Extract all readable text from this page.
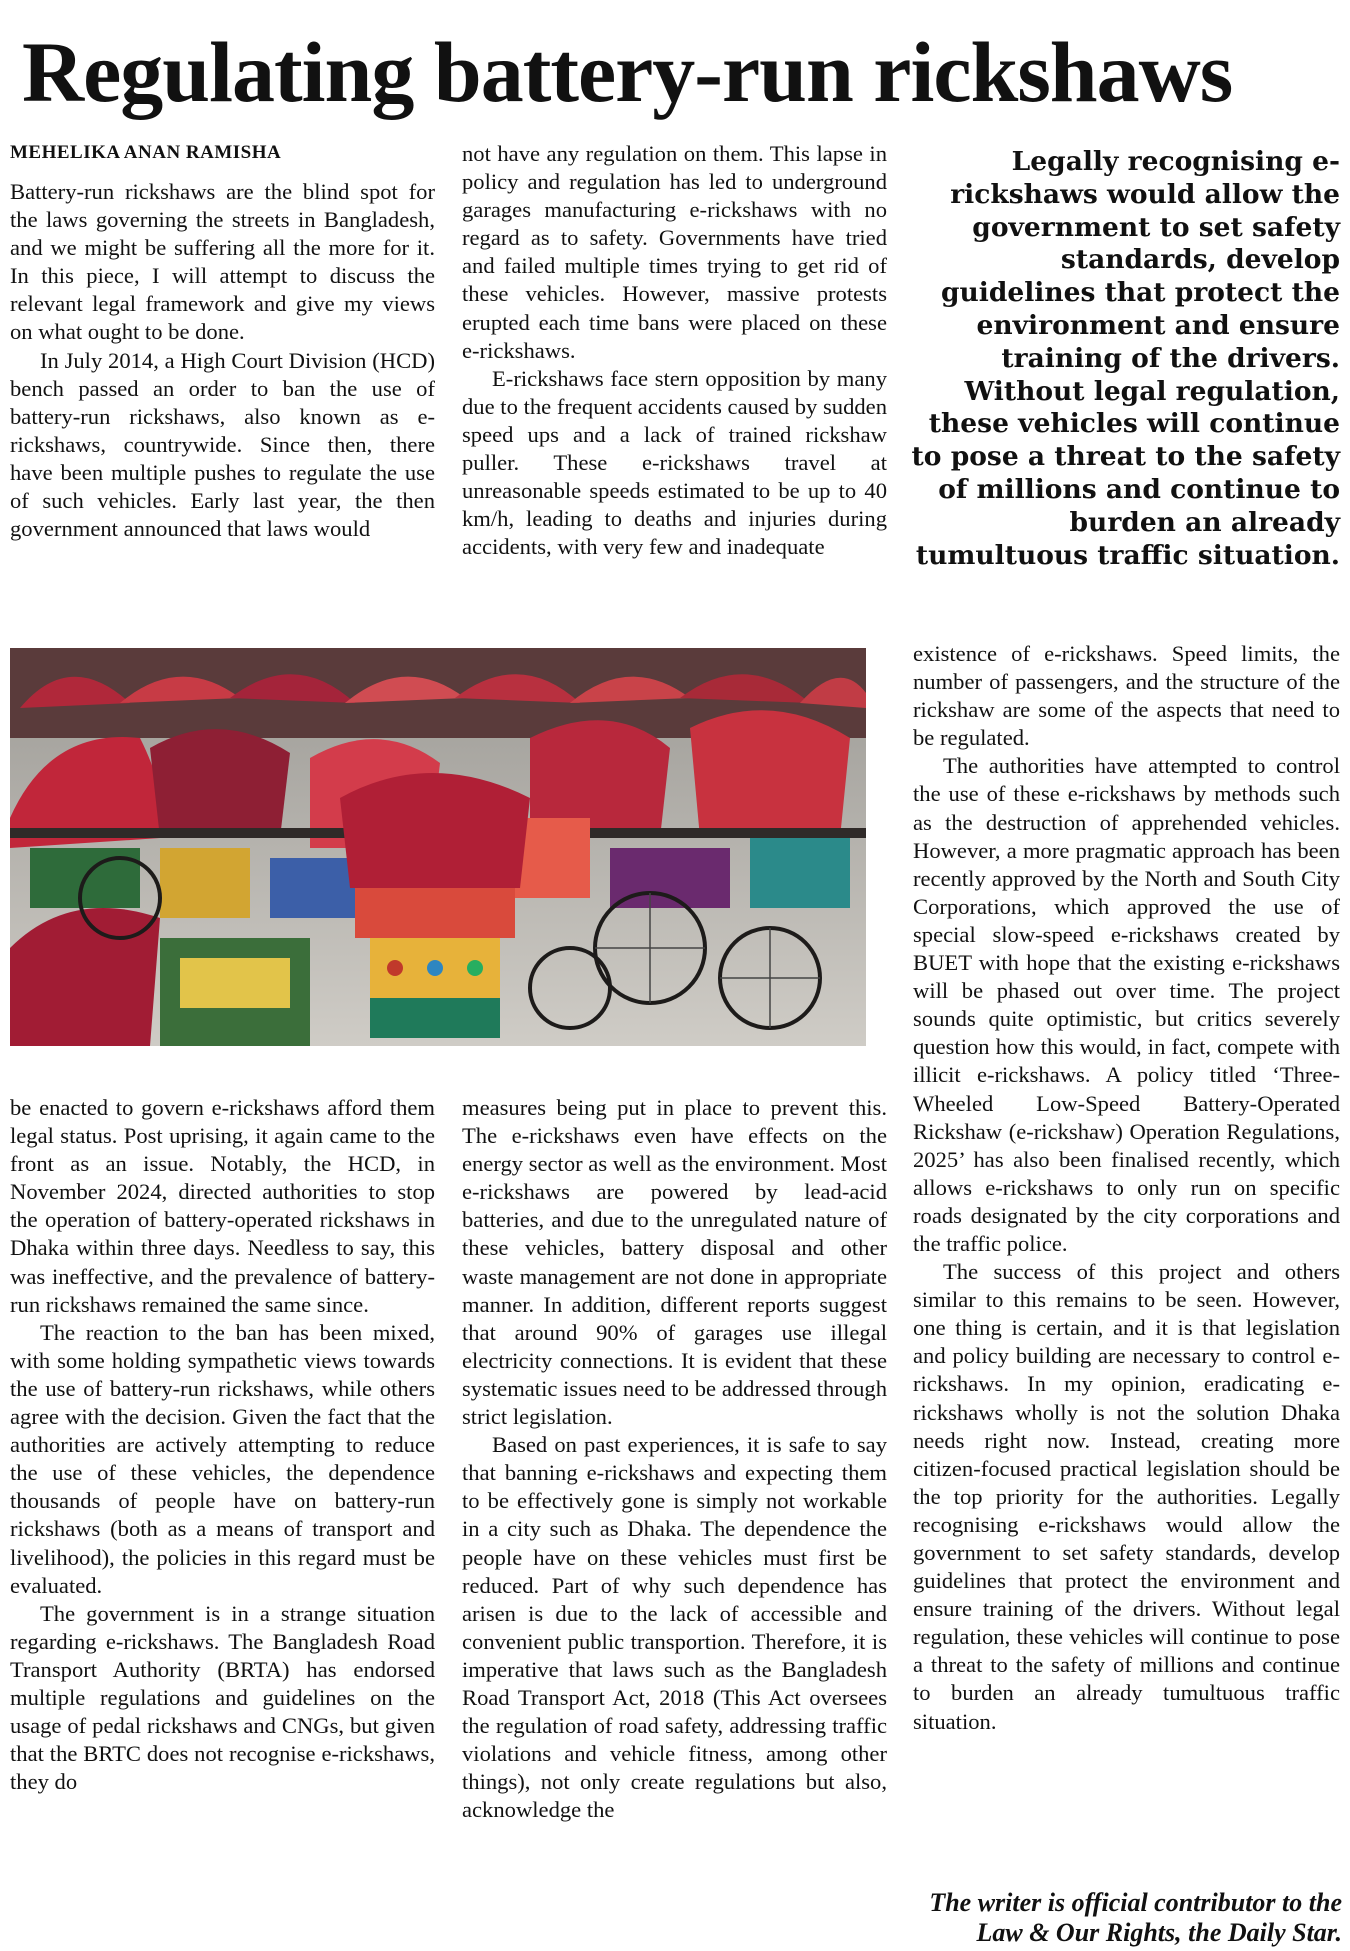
Regulating battery-run rickshaws
MEHELIKA ANAN RAMISHA

Battery-run rickshaws are the blind spot for the laws governing the streets in Bangladesh, and we might be suffering all the more for it. In this piece, I will attempt to discuss the relevant legal framework and give my views on what ought to be done.

In July 2014, a High Court Division (HCD) bench passed an order to ban the use of battery-run rickshaws, also known as e-rickshaws, countrywide. Since then, there have been multiple pushes to regulate the use of such vehicles. Early last year, the then government announced that laws would

not have any regulation on them. This lapse in policy and regulation has led to underground garages manufacturing e-rickshaws with no regard as to safety. Governments have tried and failed multiple times trying to get rid of these vehicles. However, massive protests erupted each time bans were placed on these e-rickshaws.

E-rickshaws face stern opposition by many due to the frequent accidents caused by sudden speed ups and a lack of trained rickshaw puller. These e-rickshaws travel at unreasonable speeds estimated to be up to 40 km/h, leading to deaths and injuries during accidents, with very few and inadequate

Legally recognising e-rickshaws would allow the government to set safety standards, develop guidelines that protect the environment and ensure training of the drivers. Without legal regulation, these vehicles will continue to pose a threat to the safety of millions and continue to burden an already tumultuous traffic situation.

be enacted to govern e-rickshaws afford them legal status. Post uprising, it again came to the front as an issue. Notably, the HCD, in November 2024, directed authorities to stop the operation of battery-operated rickshaws in Dhaka within three days. Needless to say, this was ineffective, and the prevalence of battery-run rickshaws remained the same since.

The reaction to the ban has been mixed, with some holding sympathetic views towards the use of battery-run rickshaws, while others agree with the decision. Given the fact that the authorities are actively attempting to reduce the use of these vehicles, the dependence thousands of people have on battery-run rickshaws (both as a means of transport and livelihood), the policies in this regard must be evaluated.

The government is in a strange situation regarding e-rickshaws. The Bangladesh Road Transport Authority (BRTA) has endorsed multiple regulations and guidelines on the usage of pedal rickshaws and CNGs, but given that the BRTC does not recognise e-rickshaws, they do

measures being put in place to prevent this. The e-rickshaws even have effects on the energy sector as well as the environment. Most e-rickshaws are powered by lead-acid batteries, and due to the unregulated nature of these vehicles, battery disposal and other waste management are not done in appropriate manner. In addition, different reports suggest that around 90% of garages use illegal electricity connections. It is evident that these systematic issues need to be addressed through strict legislation.

Based on past experiences, it is safe to say that banning e-rickshaws and expecting them to be effectively gone is simply not workable in a city such as Dhaka. The dependence the people have on these vehicles must first be reduced. Part of why such dependence has arisen is due to the lack of accessible and convenient public transportion. Therefore, it is imperative that laws such as the Bangladesh Road Transport Act, 2018 (This Act oversees the regulation of road safety, addressing traffic violations and vehicle fitness, among other things), not only create regulations but also, acknowledge the

existence of e-rickshaws. Speed limits, the number of passengers, and the structure of the rickshaw are some of the aspects that need to be regulated.

The authorities have attempted to control the use of these e-rickshaws by methods such as the destruction of apprehended vehicles. However, a more pragmatic approach has been recently approved by the North and South City Corporations, which approved the use of special slow-speed e-rickshaws created by BUET with hope that the existing e-rickshaws will be phased out over time. The project sounds quite optimistic, but critics severely question how this would, in fact, compete with illicit e-rickshaws. A policy titled ‘Three-Wheeled Low-Speed Battery-Operated Rickshaw (e-rickshaw) Operation Regulations, 2025’ has also been finalised recently, which allows e-rickshaws to only run on specific roads designated by the city corporations and the traffic police.

The success of this project and others similar to this remains to be seen. However, one thing is certain, and it is that legislation and policy building are necessary to control e-rickshaws. In my opinion, eradicating e-rickshaws wholly is not the solution Dhaka needs right now. Instead, creating more citizen-focused practical legislation should be the top priority for the authorities. Legally recognising e-rickshaws would allow the government to set safety standards, develop guidelines that protect the environment and ensure training of the drivers. Without legal regulation, these vehicles will continue to pose a threat to the safety of millions and continue to burden an already tumultuous traffic situation.

The writer is official contributor to the Law & Our Rights, the Daily Star.
